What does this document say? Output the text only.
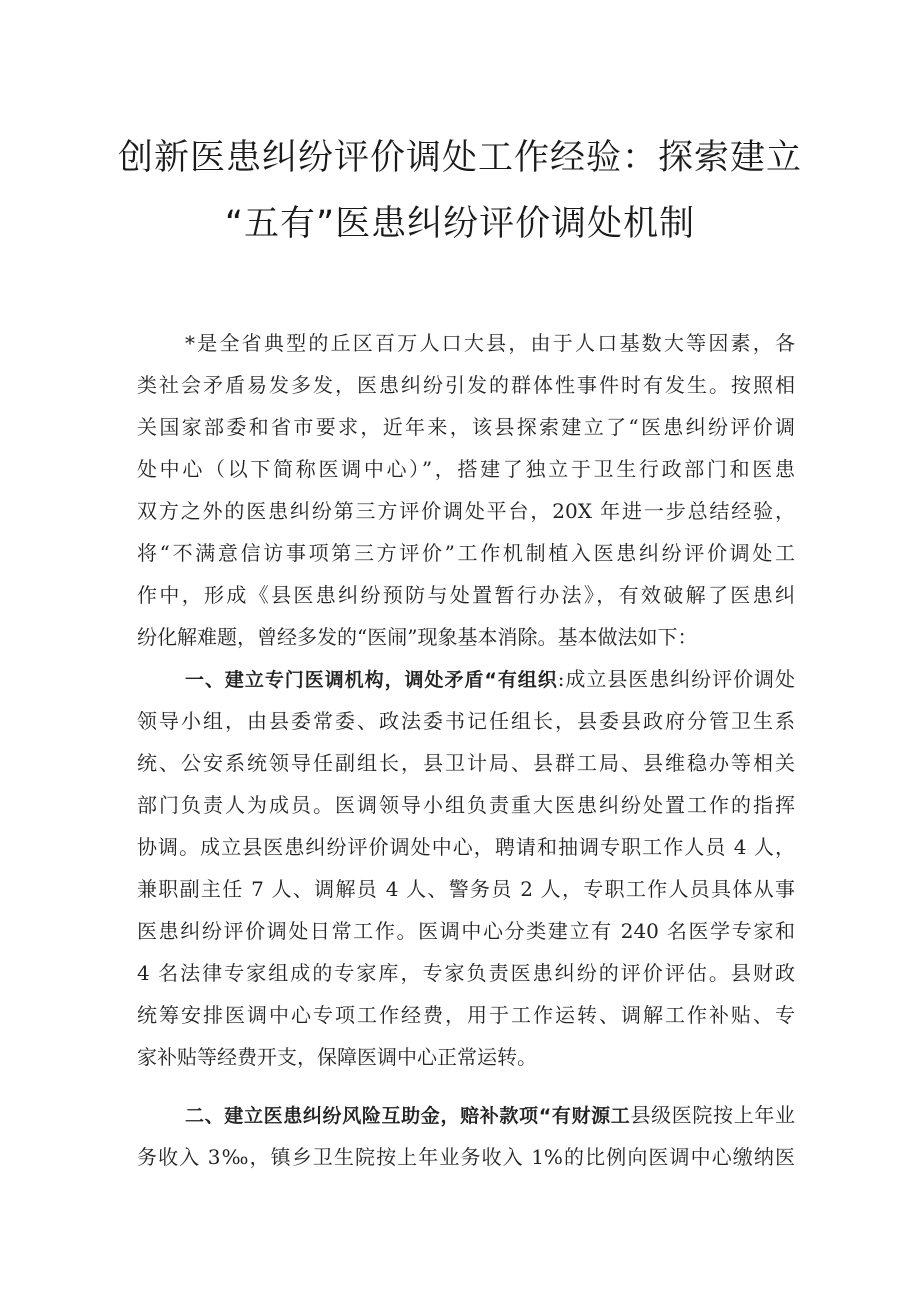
创新医患纠纷评价调处工作经验：探索建立
“五有”医患纠纷评价调处机制
*是全省典型的丘区百万人口大县，由于人口基数大等因素，各
类社会矛盾易发多发，医患纠纷引发的群体性事件时有发生。按照相
关国家部委和省市要求，近年来，该县探索建立了“医患纠纷评价调
处中心（以下简称医调中心）”，搭建了独立于卫生行政部门和医患
双方之外的医患纠纷第三方评价调处平台，20X 年进一步总结经验，
将“不满意信访事项第三方评价”工作机制植入医患纠纷评价调处工
作中，形成《县医患纠纷预防与处置暂行办法》，有效破解了医患纠
纷化解难题，曾经多发的“医闹”现象基本消除。基本做法如下：
一、建立专门医调机构，调处矛盾“有组织:成立县医患纠纷评价调处
领导小组，由县委常委、政法委书记任组长，县委县政府分管卫生系
统、公安系统领导任副组长，县卫计局、县群工局、县维稳办等相关
部门负责人为成员。医调领导小组负责重大医患纠纷处置工作的指挥
协调。成立县医患纠纷评价调处中心，聘请和抽调专职工作人员 4 人，
兼职副主任 7 人、调解员 4 人、警务员 2 人，专职工作人员具体从事
医患纠纷评价调处日常工作。医调中心分类建立有 240 名医学专家和
4 名法律专家组成的专家库，专家负责医患纠纷的评价评估。县财政
统筹安排医调中心专项工作经费，用于工作运转、调解工作补贴、专
家补贴等经费开支，保障医调中心正常运转。
二、建立医患纠纷风险互助金，赔补款项“有财源工县级医院按上年业
务收入 3‰，镇乡卫生院按上年业务收入 1%的比例向医调中心缴纳医
